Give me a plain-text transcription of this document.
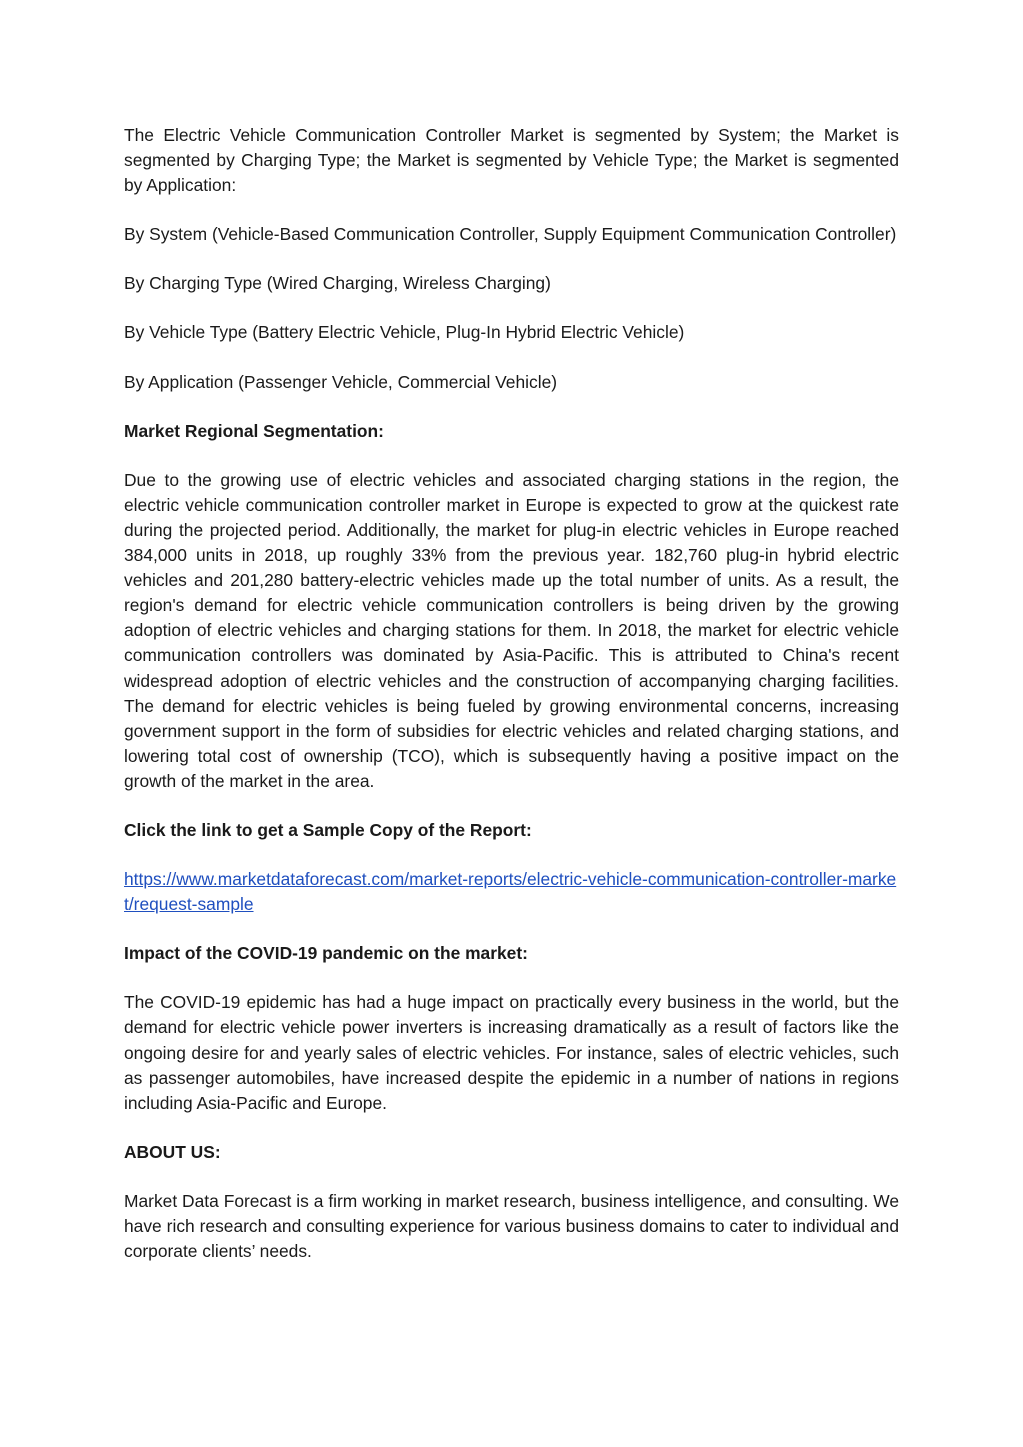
The Electric Vehicle Communication Controller Market is segmented by System; the Market is segmented by Charging Type; the Market is segmented by Vehicle Type; the Market is segmented by Application:

By System (Vehicle-Based Communication Controller, Supply Equipment Communication Controller)

By Charging Type (Wired Charging, Wireless Charging)

By Vehicle Type (Battery Electric Vehicle, Plug-In Hybrid Electric Vehicle)

By Application (Passenger Vehicle, Commercial Vehicle)

Market Regional Segmentation:

Due to the growing use of electric vehicles and associated charging stations in the region, the electric vehicle communication controller market in Europe is expected to grow at the quickest rate during the projected period. Additionally, the market for plug-in electric vehicles in Europe reached 384,000 units in 2018, up roughly 33% from the previous year. 182,760 plug-in hybrid electric vehicles and 201,280 battery-electric vehicles made up the total number of units. As a result, the region's demand for electric vehicle communication controllers is being driven by the growing adoption of electric vehicles and charging stations for them. In 2018, the market for electric vehicle communication controllers was dominated by Asia-Pacific. This is attributed to China's recent widespread adoption of electric vehicles and the construction of accompanying charging facilities. The demand for electric vehicles is being fueled by growing environmental concerns, increasing government support in the form of subsidies for electric vehicles and related charging stations, and lowering total cost of ownership (TCO), which is subsequently having a positive impact on the growth of the market in the area.

Click the link to get a Sample Copy of the Report:

https://www.marketdataforecast.com/market-reports/electric-vehicle-communication-controller-market/request-sample

Impact of the COVID-19 pandemic on the market:

The COVID-19 epidemic has had a huge impact on practically every business in the world, but the demand for electric vehicle power inverters is increasing dramatically as a result of factors like the ongoing desire for and yearly sales of electric vehicles. For instance, sales of electric vehicles, such as passenger automobiles, have increased despite the epidemic in a number of nations in regions including Asia-Pacific and Europe.

ABOUT US:

Market Data Forecast is a firm working in market research, business intelligence, and consulting. We have rich research and consulting experience for various business domains to cater to individual and corporate clients’ needs.
